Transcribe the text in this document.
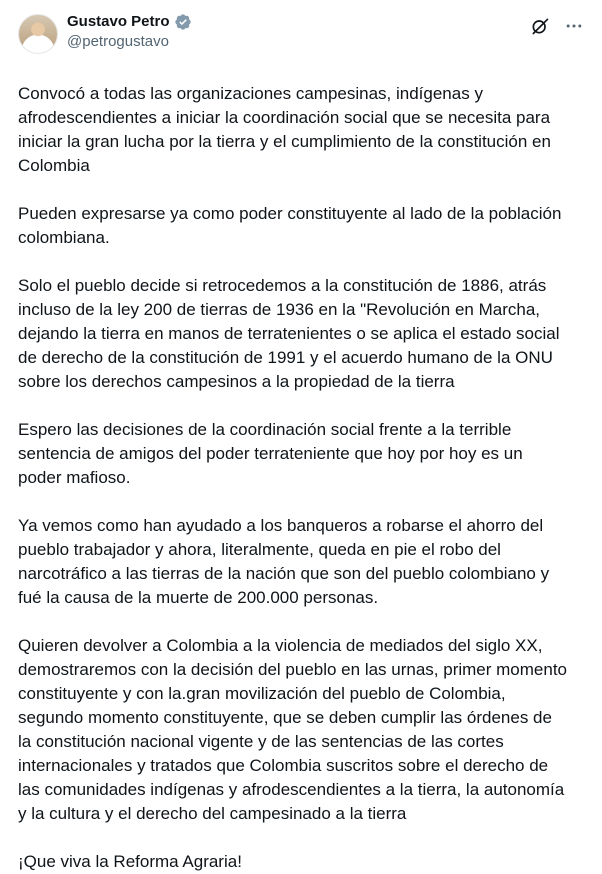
Gustavo Petro
@petrogustavo

Convocó a todas las organizaciones campesinas, indígenas y
afrodescendientes a iniciar la coordinación social que se necesita para
iniciar la gran lucha por la tierra y el cumplimiento de la constitución en
Colombia

Pueden expresarse ya como poder constituyente al lado de la población
colombiana.

Solo el pueblo decide si retrocedemos a la constitución de 1886, atrás
incluso de la ley 200 de tierras de 1936 en la "Revolución en Marcha,
dejando la tierra en manos de terratenientes o se aplica el estado social
de derecho de la constitución de 1991 y el acuerdo humano de la ONU
sobre los derechos campesinos a la propiedad de la tierra

Espero las decisiones de la coordinación social frente a la terrible
sentencia de amigos del poder terrateniente que hoy por hoy es un
poder mafioso.

Ya vemos como han ayudado a los banqueros a robarse el ahorro del
pueblo trabajador y ahora, literalmente, queda en pie el robo del
narcotráfico a las tierras de la nación que son del pueblo colombiano y
fué la causa de la muerte de 200.000 personas.

Quieren devolver a Colombia a la violencia de mediados del siglo XX,
demostraremos con la decisión del pueblo en las urnas, primer momento
constituyente y con la.gran movilización del pueblo de Colombia,
segundo momento constituyente, que se deben cumplir las órdenes de
la constitución nacional vigente y de las sentencias de las cortes
internacionales y tratados que Colombia suscritos sobre el derecho de
las comunidades indígenas y afrodescendientes a la tierra, la autonomía
y la cultura y el derecho del campesinado a la tierra

¡Que viva la Reforma Agraria!
